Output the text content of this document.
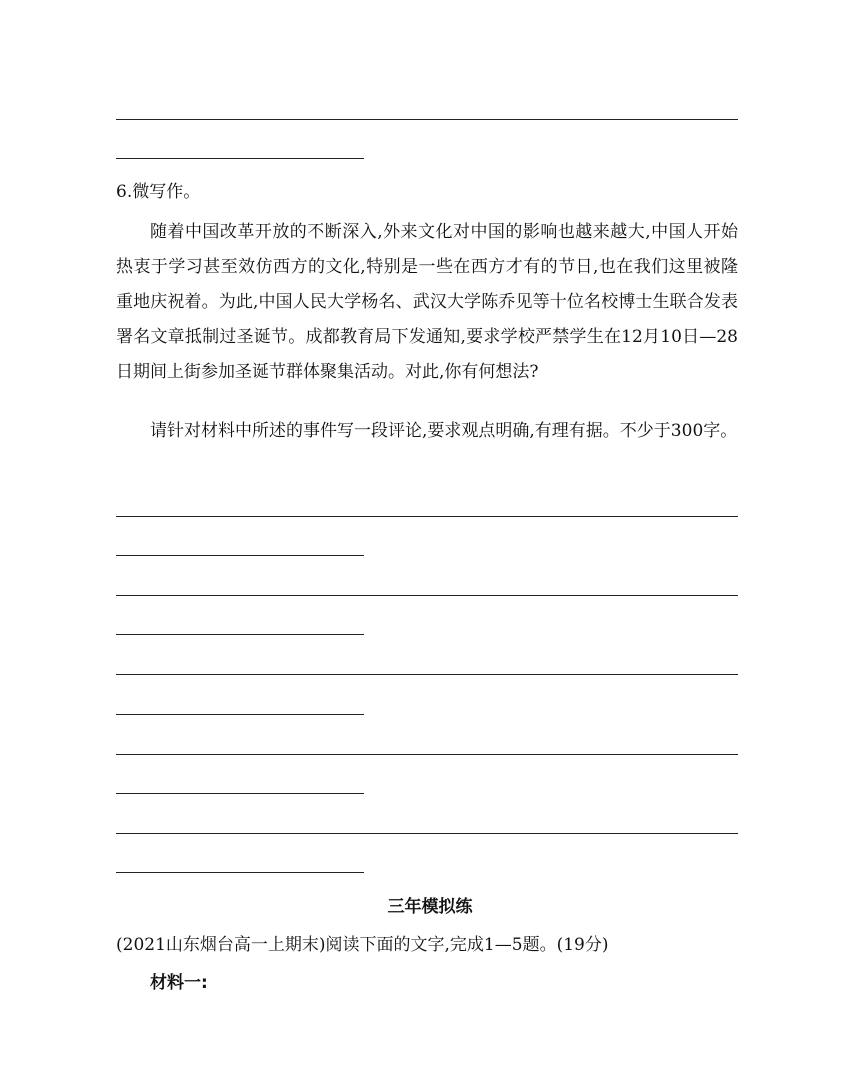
6.微写作。

随着中国改革开放的不断深入,外来文化对中国的影响也越来越大,中国人开始热衷于学习甚至效仿西方的文化,特别是一些在西方才有的节日,也在我们这里被隆重地庆祝着。为此,中国人民大学杨名、武汉大学陈乔见等十位名校博士生联合发表署名文章抵制过圣诞节。成都教育局下发通知,要求学校严禁学生在12月10日—28日期间上街参加圣诞节群体聚集活动。对此,你有何想法?

请针对材料中所述的事件写一段评论,要求观点明确,有理有据。不少于300字。

三年模拟练
(2021山东烟台高一上期末)阅读下面的文字,完成1—5题。(19分)
材料一:
